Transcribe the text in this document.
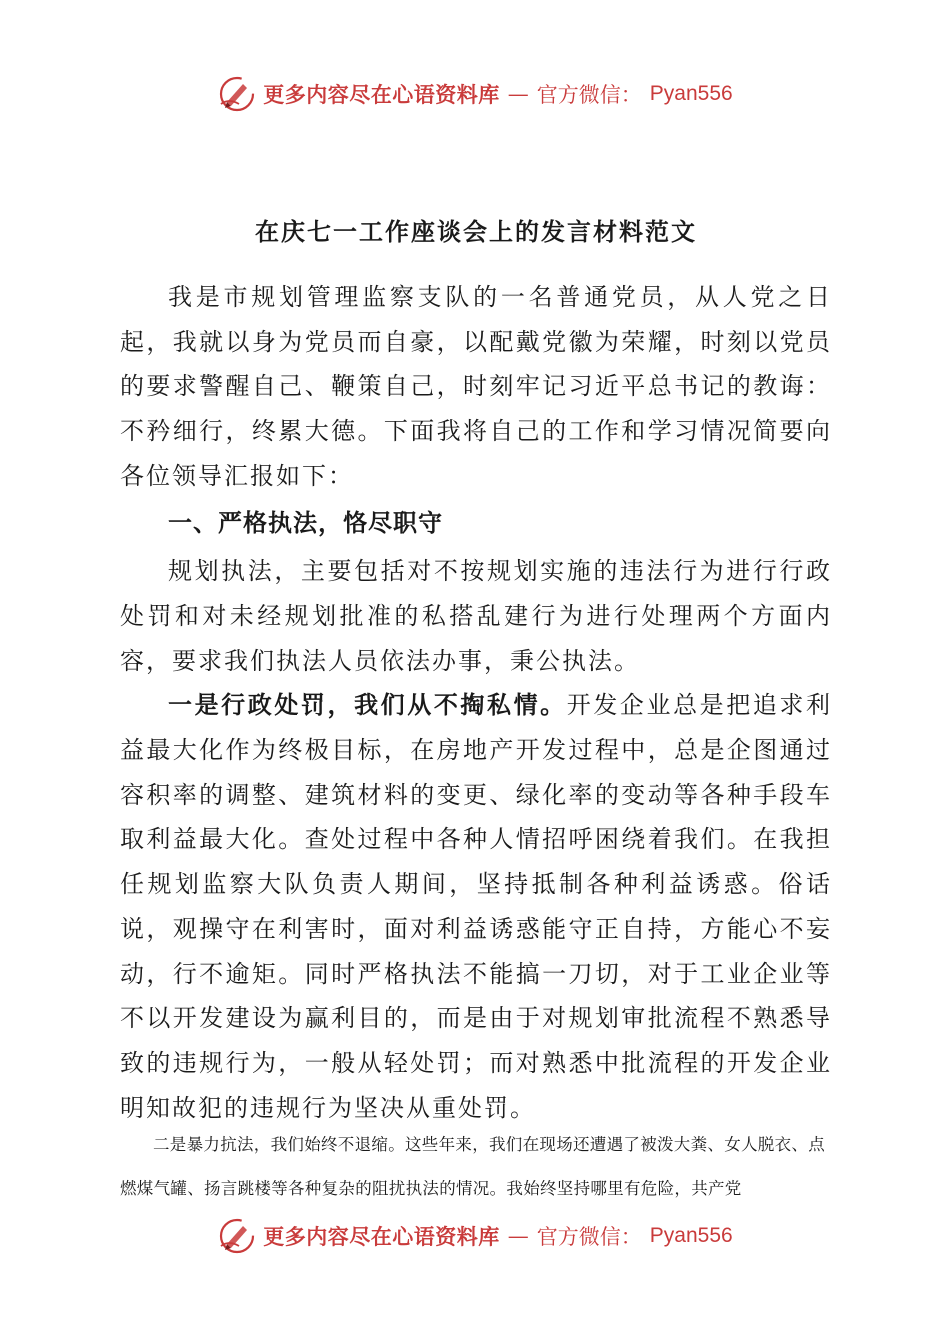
更多内容尽在心语资料库 — 官方微信： Pyan556
在庆七一工作座谈会上的发言材料范文

我是市规划管理监察支队的一名普通党员，从人党之日起，我就以身为党员而自豪，以配戴党徽为荣耀，时刻以党员的要求警醒自己、鞭策自己，时刻牢记习近平总书记的教诲：不矜细行，终累大德。下面我将自己的工作和学习情况简要向各位领导汇报如下：

一、严格执法，恪尽职守

规划执法，主要包括对不按规划实施的违法行为进行行政处罚和对未经规划批准的私搭乱建行为进行处理两个方面内容，要求我们执法人员依法办事，秉公执法。

一是行政处罚，我们从不掏私情。开发企业总是把追求利益最大化作为终极目标，在房地产开发过程中，总是企图通过容积率的调整、建筑材料的变更、绿化率的变动等各种手段车取利益最大化。查处过程中各种人情招呼困绕着我们。在我担任规划监察大队负责人期间，坚持抵制各种利益诱惑。俗话说，观操守在利害时，面对利益诱惑能守正自持，方能心不妄动，行不逾矩。同时严格执法不能搞一刀切，对于工业企业等不以开发建设为赢利目的，而是由于对规划审批流程不熟悉导致的违规行为，一般从轻处罚；而对熟悉中批流程的开发企业明知故犯的违规行为坚决从重处罚。

二是暴力抗法，我们始终不退缩。这些年来，我们在现场还遭遇了被泼大粪、女人脱衣、点燃煤气罐、扬言跳楼等各种复杂的阻扰执法的情况。我始终坚持哪里有危险，共产党

更多内容尽在心语资料库 — 官方微信： Pyan556
